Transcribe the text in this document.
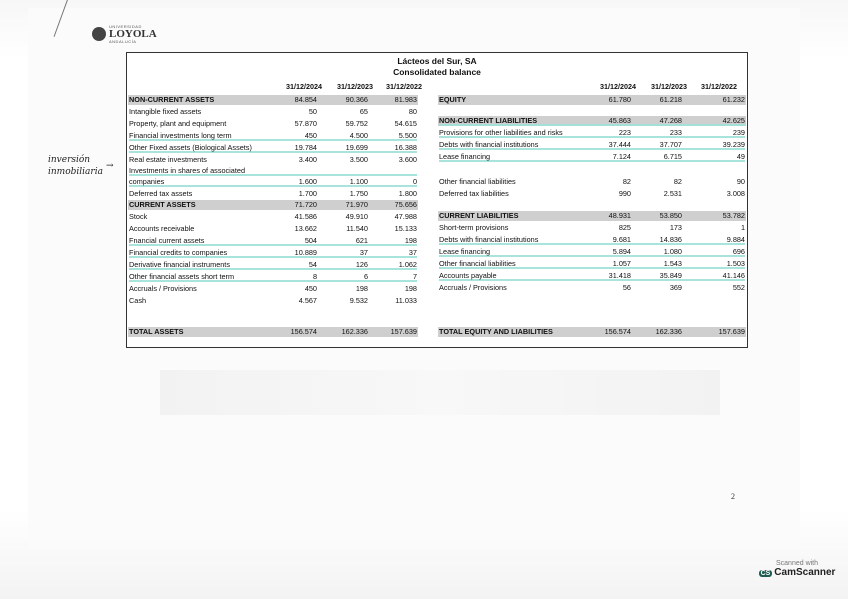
UNIVERSIDAD
LOYOLA
ANDALUCÍA
Lácteos del Sur, SA
Consolidated balance
31/12/2024 31/12/2023 31/12/2022	31/12/2024 31/12/2023 31/12/2022
NON-CURRENT ASSETS	84.854	90.366	81.983
Intangible fixed assets	50	65	80
Property, plant and equipment	57.870	59.752	54.615
Financial investments long term	450	4.500	5.500
Other Fixed assets (Biological Assets)	19.784	19.699	16.388
Real estate investments	3.400	3.500	3.600
Investments in shares of associated
companies	1.600	1.100	0
Deferred tax assets	1.700	1.750	1.800
CURRENT ASSETS	71.720	71.970	75.656
Stock	41.586	49.910	47.988
Accounts receivable	13.662	11.540	15.133
Fnancial current assets	504	621	198
Financial credits to companies	10.889	37	37
Derivative financial instruments	54	126	1.062
Other financial assets short term	8	6	7
Accruals / Provisions	450	198	198
Cash	4.567	9.532	11.033
TOTAL ASSETS	156.574	162.336	157.639
EQUITY	61.780	61.218	61.232
NON-CURRENT LIABILITIES	45.863	47.268	42.625
Provisions for other liabilities and risks	223	233	239
Debts with financial institutions	37.444	37.707	39.239
Lease financing	7.124	6.715	49
Other financial liabilities	82	82	90
Deferred tax liabilities	990	2.531	3.008
CURRENT LIABILITIES	48.931	53.850	53.782
Short-term provisions	825	173	1
Debts with financial institutions	9.681	14.836	9.884
Lease financing	5.894	1.080	696
Other financial liabilities	1.057	1.543	1.503
Accounts payable	31.418	35.849	41.146
Accruals / Provisions	56	369	552
TOTAL EQUITY AND LIABILITIES	156.574	162.336	157.639
inversión
inmobiliaria
→
2
Scanned with
CS CamScanner
